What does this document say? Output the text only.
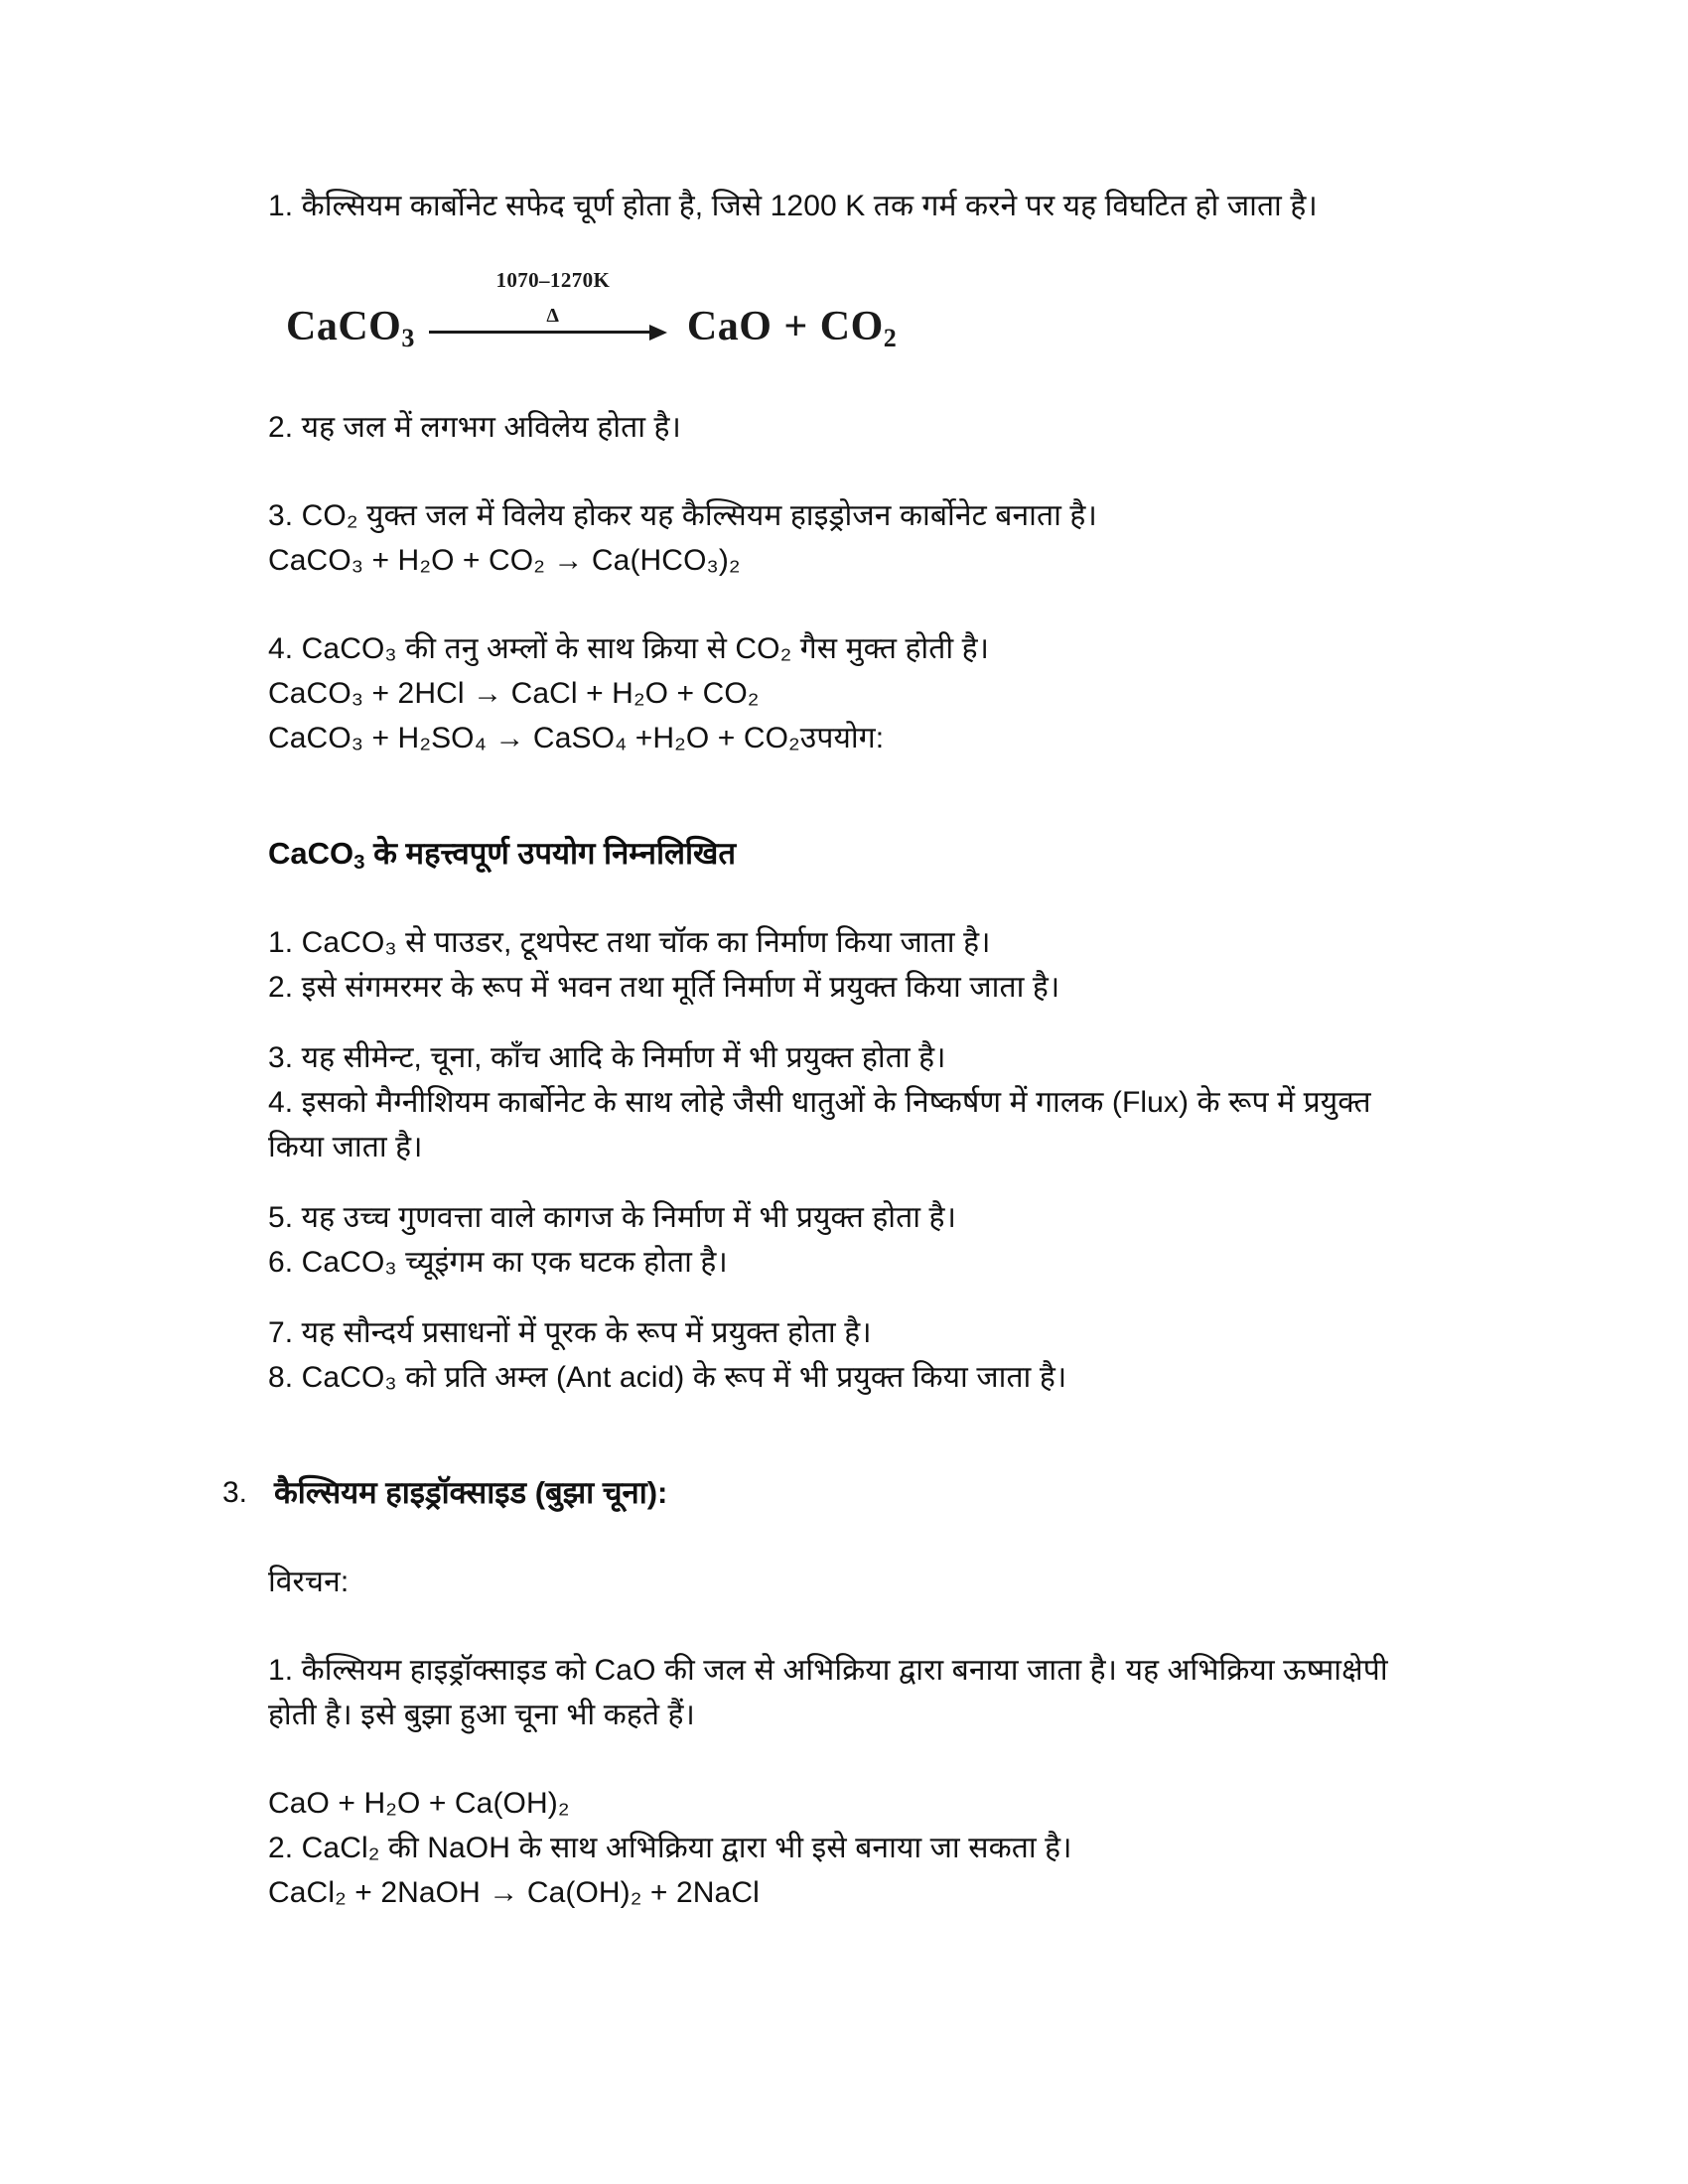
1. कैल्सियम कार्बोनेट सफेद चूर्ण होता है, जिसे 1200 K तक गर्म करने पर यह विघटित हो जाता है।

CaCO$_3$
1070–1270K
Δ	CaO + $CO_2$

2. यह जल में लगभग अविलेय होता है।

3. CO₂ युक्त जल में विलेय होकर यह कैल्सियम हाइड्रोजन कार्बोनेट बनाता है।

CaCO₃ + H₂O + CO₂ → Ca(HCO₃)₂

4. CaCO₃ की तनु अम्लों के साथ क्रिया से CO₂ गैस मुक्त होती है।

CaCO₃ + 2HCl → CaCl + H₂O + CO₂

CaCO₃ + H₂SO₄ → CaSO₄ +H₂O + CO₂उपयोग:

CaCO$_3$ के महत्त्वपूर्ण उपयोग निम्नलिखित

1. CaCO₃ से पाउडर, टूथपेस्ट तथा चॉक का निर्माण किया जाता है।

2. इसे संगमरमर के रूप में भवन तथा मूर्ति निर्माण में प्रयुक्त किया जाता है।

3. यह सीमेन्ट, चूना, काँच आदि के निर्माण में भी प्रयुक्त होता है।

4. इसको मैग्नीशियम कार्बोनेट के साथ लोहे जैसी धातुओं के निष्कर्षण में गालक (Flux) के रूप में प्रयुक्त किया जाता है।

5. यह उच्च गुणवत्ता वाले कागज के निर्माण में भी प्रयुक्त होता है।

6. CaCO₃ च्यूइंगम का एक घटक होता है।

7. यह सौन्दर्य प्रसाधनों में पूरक के रूप में प्रयुक्त होता है।

8. CaCO₃ को प्रति अम्ल (Ant acid) के रूप में भी प्रयुक्त किया जाता है।

3. कैल्सियम हाइड्रॉक्साइड (बुझा चूना):

विरचन:

1. कैल्सियम हाइड्रॉक्साइड को CaO की जल से अभिक्रिया द्वारा बनाया जाता है। यह अभिक्रिया ऊष्माक्षेपी होती है। इसे बुझा हुआ चूना भी कहते हैं।

CaO + H₂O + Ca(OH)₂

2. CaCl₂ की NaOH के साथ अभिक्रिया द्वारा भी इसे बनाया जा सकता है।

CaCl₂ + 2NaOH → Ca(OH)₂ + 2NaCl
